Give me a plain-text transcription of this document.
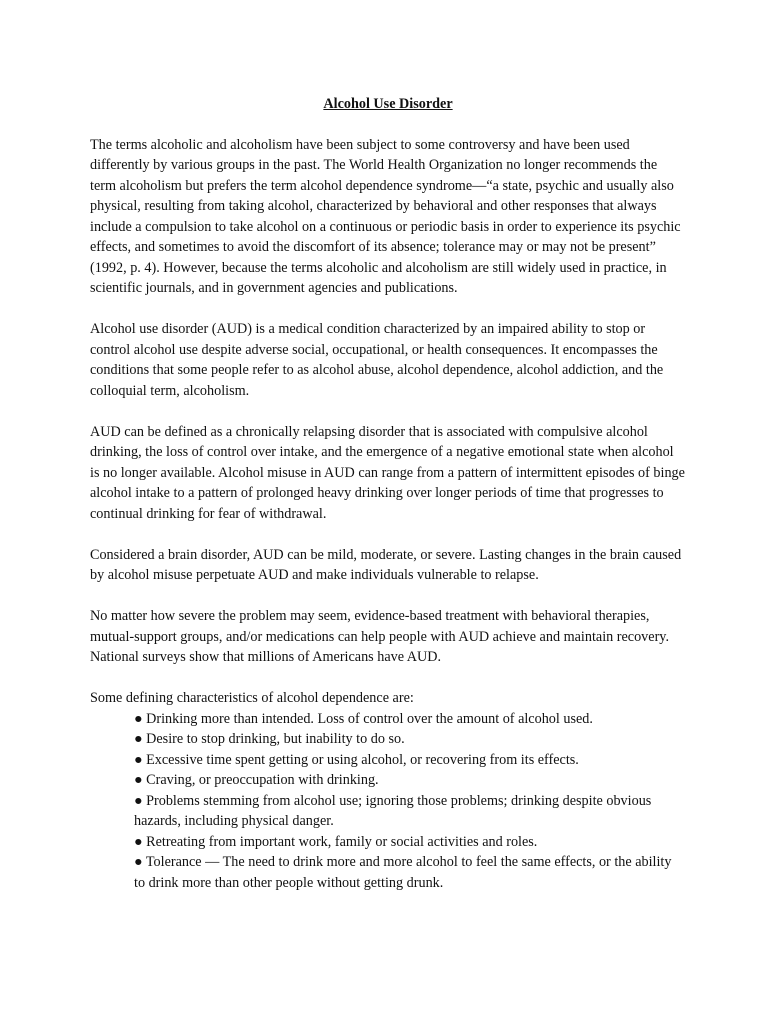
Alcohol Use Disorder

The terms alcoholic and alcoholism have been subject to some controversy and have been used differently by various groups in the past. The World Health Organization no longer recommends the term alcoholism but prefers the term alcohol dependence syndrome—“a state, psychic and usually also physical, resulting from taking alcohol, characterized by behavioral and other responses that always include a compulsion to take alcohol on a continuous or periodic basis in order to experience its psychic effects, and sometimes to avoid the discomfort of its absence; tolerance may or may not be present” (1992, p. 4). However, because the terms alcoholic and alcoholism are still widely used in practice, in scientific journals, and in government agencies and publications.

Alcohol use disorder (AUD) is a medical condition characterized by an impaired ability to stop or control alcohol use despite adverse social, occupational, or health consequences. It encompasses the conditions that some people refer to as alcohol abuse, alcohol dependence, alcohol addiction, and the colloquial term, alcoholism.

AUD can be defined as a chronically relapsing disorder that is associated with compulsive alcohol drinking, the loss of control over intake, and the emergence of a negative emotional state when alcohol is no longer available. Alcohol misuse in AUD can range from a pattern of intermittent episodes of binge alcohol intake to a pattern of prolonged heavy drinking over longer periods of time that progresses to continual drinking for fear of withdrawal.

Considered a brain disorder, AUD can be mild, moderate, or severe. Lasting changes in the brain caused by alcohol misuse perpetuate AUD and make individuals vulnerable to relapse.

No matter how severe the problem may seem, evidence-based treatment with behavioral therapies, mutual-support groups, and/or medications can help people with AUD achieve and maintain recovery. National surveys show that millions of Americans have AUD.

Some defining characteristics of alcohol dependence are:

● Drinking more than intended. Loss of control over the amount of alcohol used.
● Desire to stop drinking, but inability to do so.
● Excessive time spent getting or using alcohol, or recovering from its effects.
● Craving, or preoccupation with drinking.
● Problems stemming from alcohol use; ignoring those problems; drinking despite obvious hazards, including physical danger.
● Retreating from important work, family or social activities and roles.
● Tolerance — The need to drink more and more alcohol to feel the same effects, or the ability to drink more than other people without getting drunk.
